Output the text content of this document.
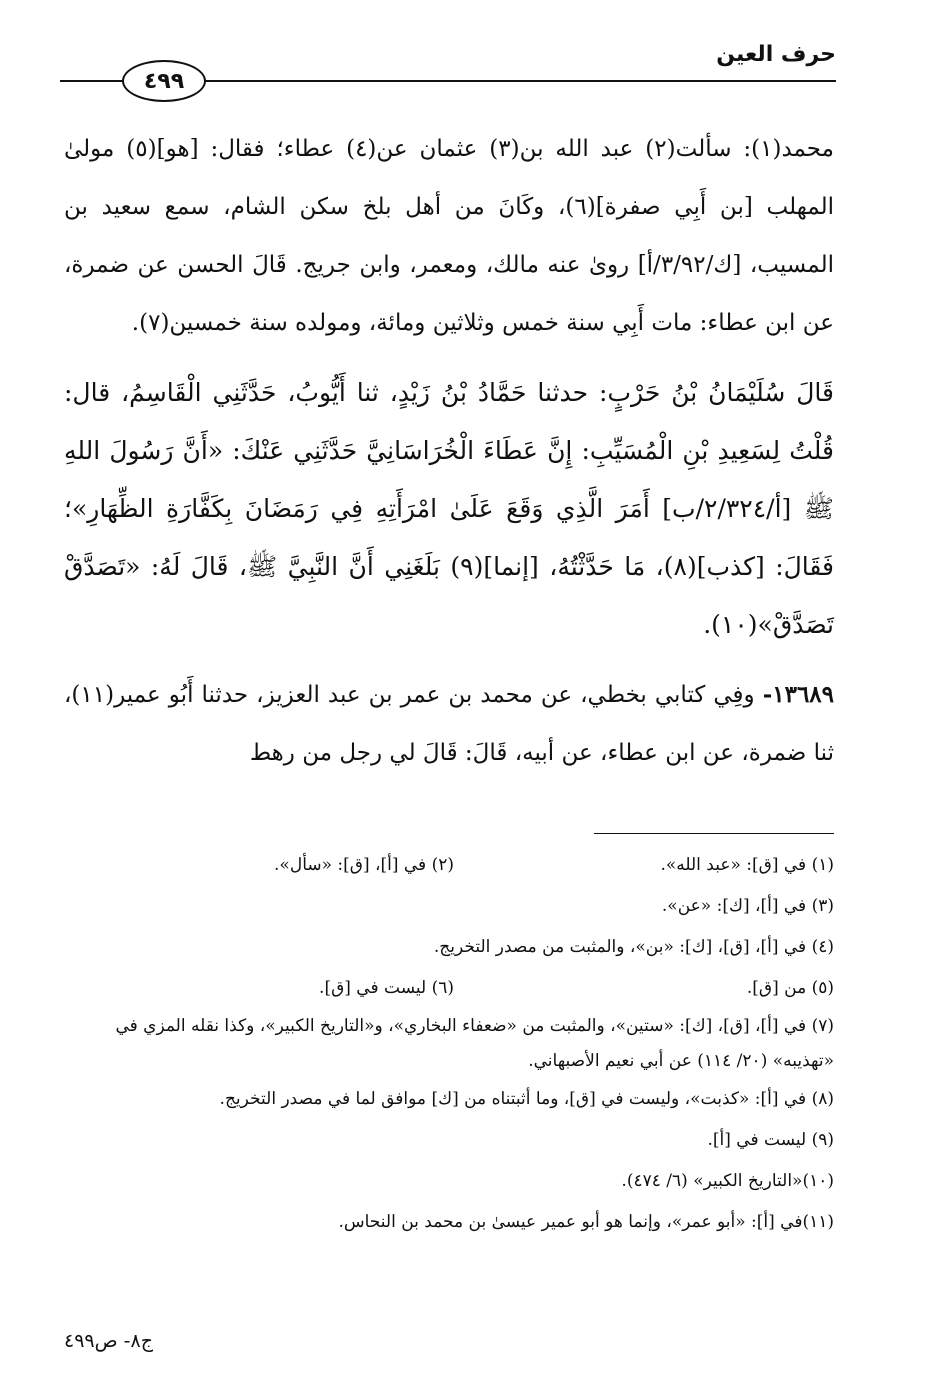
حرف العين
٤٩٩

محمد(١): سألت(٢) عبد الله بن(٣) عثمان عن(٤) عطاء؛ فقال: [هو](٥) مولىٰ المهلب [بن أَبِي صفرة](٦)، وكَانَ من أهل بلخ سكن الشام، سمع سعيد بن المسيب، [ك/٣/٩٢/أ] روىٰ عنه مالك، ومعمر، وابن جريج. قَالَ الحسن عن ضمرة، عن ابن عطاء: مات أَبِي سنة خمس وثلاثين ومائة، ومولده سنة خمسين(٧).

قَالَ سُلَيْمَانُ بْنُ حَرْبٍ: حدثنا حَمَّادُ بْنُ زَيْدٍ، ثنا أَيُّوبُ، حَدَّثَنِي الْقَاسِمُ، قال: قُلْتُ لِسَعِيدِ بْنِ الْمُسَيِّبِ: إِنَّ عَطَاءَ الْخُرَاسَانِيَّ حَدَّثَنِي عَنْكَ: «أَنَّ رَسُولَ اللهِ ﷺ [أ/٢/٣٢٤/ب] أَمَرَ الَّذِي وَقَعَ عَلَىٰ امْرَأَتِهِ فِي رَمَضَانَ بِكَفَّارَةِ الظِّهَارِ»؛ فَقَالَ: [كذب](٨)، مَا حَدَّثْتُهُ، [إنما](٩) بَلَغَنِي أَنَّ النَّبِيَّ ﷺ، قَالَ لَهُ: «تَصَدَّقْ تَصَدَّقْ»(١٠).

١٣٦٨٩- وفِي كتابي بخطي، عن محمد بن عمر بن عبد العزيز، حدثنا أَبُو عمير(١١)، ثنا ضمرة، عن ابن عطاء، عن أبيه، قَالَ: قَالَ لي رجل من رهط

(١) في [ق]: «عبد الله».
(٢) في [أ]، [ق]: «سأل».

(٣) في [أ]، [ك]: «عن».

(٤) في [أ]، [ق]، [ك]: «بن»، والمثبت من مصدر التخريج.

(٥) من [ق].
(٦) ليست في [ق].

(٧) في [أ]، [ق]، [ك]: «ستين»، والمثبت من «ضعفاء البخاري»، و«التاريخ الكبير»، وكذا نقله المزي في «تهذيبه» (٢٠/ ١١٤) عن أبي نعيم الأصبهاني.

(٨) في [أ]: «كذبت»، وليست في [ق]، وما أثبتناه من [ك] موافق لما في مصدر التخريج.

(٩) ليست في [أ].

(١٠)«التاريخ الكبير» (٦/ ٤٧٤).

(١١)في [أ]: «أبو عمر»، وإنما هو أبو عمير عيسىٰ بن محمد بن النحاس.

ج٨- ص٤٩٩
